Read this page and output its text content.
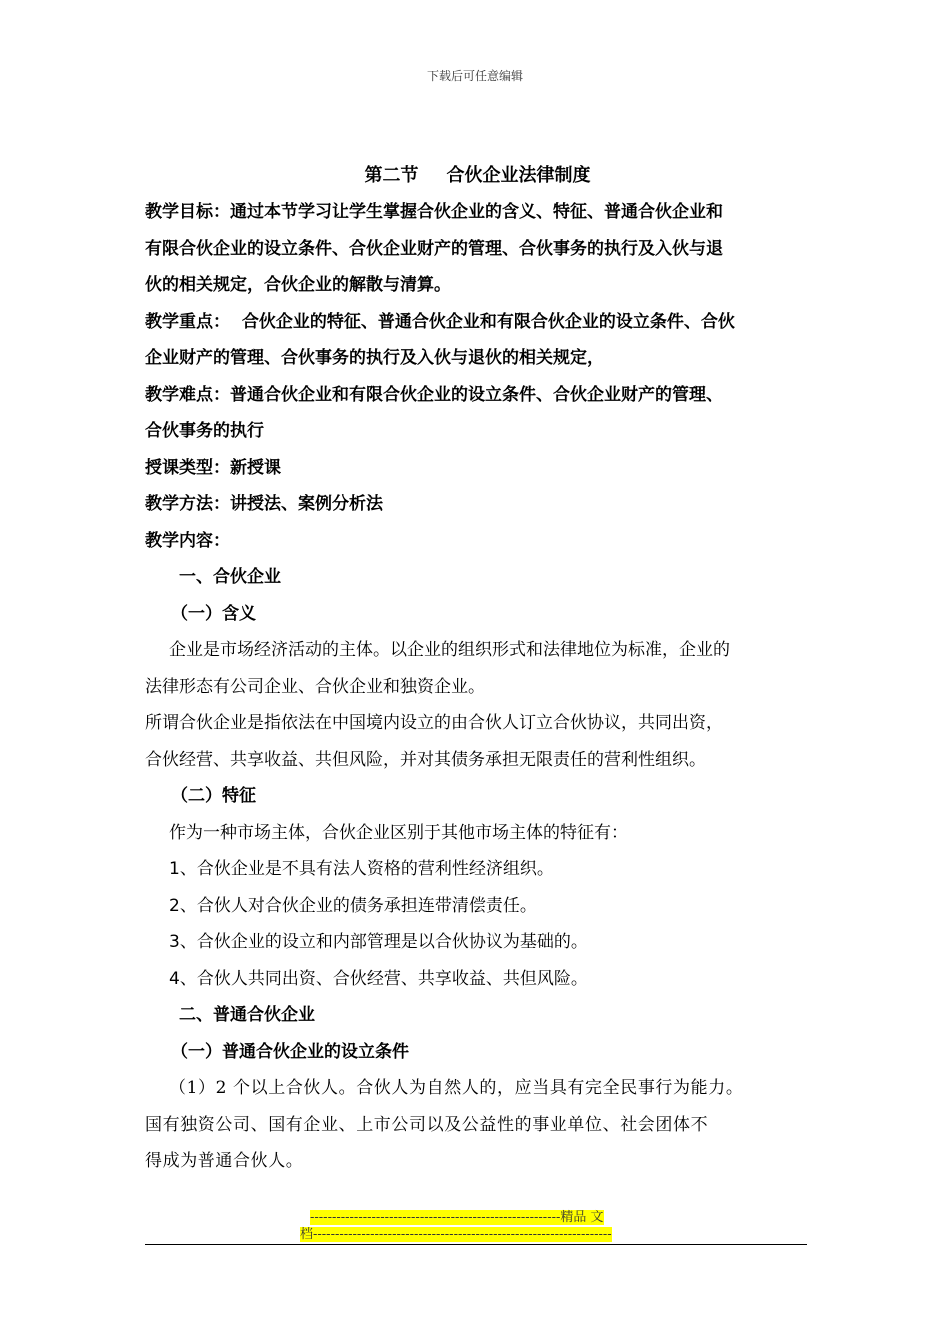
下载后可任意编辑
第二节 合伙企业法律制度

教学目标：通过本节学习让学生掌握合伙企业的含义、特征、普通合伙企业和

有限合伙企业的设立条件、合伙企业财产的管理、合伙事务的执行及入伙与退

伙的相关规定，合伙企业的解散与清算。

教学重点：  合伙企业的特征、普通合伙企业和有限合伙企业的设立条件、合伙

企业财产的管理、合伙事务的执行及入伙与退伙的相关规定，

教学难点：普通合伙企业和有限合伙企业的设立条件、合伙企业财产的管理、

合伙事务的执行

授课类型：新授课

教学方法：讲授法、案例分析法

教学内容：

一、合伙企业

（一）含义

企业是市场经济活动的主体。以企业的组织形式和法律地位为标准，企业的

法律形态有公司企业、合伙企业和独资企业。

所谓合伙企业是指依法在中国境内设立的由合伙人订立合伙协议，共同出资，

合伙经营、共享收益、共但风险，并对其债务承担无限责任的营利性组织。

（二）特征

作为一种市场主体，合伙企业区别于其他市场主体的特征有：

1、合伙企业是不具有法人资格的营利性经济组织。

2、合伙人对合伙企业的债务承担连带清偿责任。

3、合伙企业的设立和内部管理是以合伙协议为基础的。

4、合伙人共同出资、合伙经营、共享收益、共但风险。

二、普通合伙企业

（一）普通合伙企业的设立条件

（1）2 个以上合伙人。合伙人为自然人的，应当具有完全民事行为能力。

国有独资公司、国有企业、上市公司以及公益性的事业单位、社会团体不

得成为普通合伙人。

---------------------------------------------------------精品 文
档--------------------------------------------------------------------
